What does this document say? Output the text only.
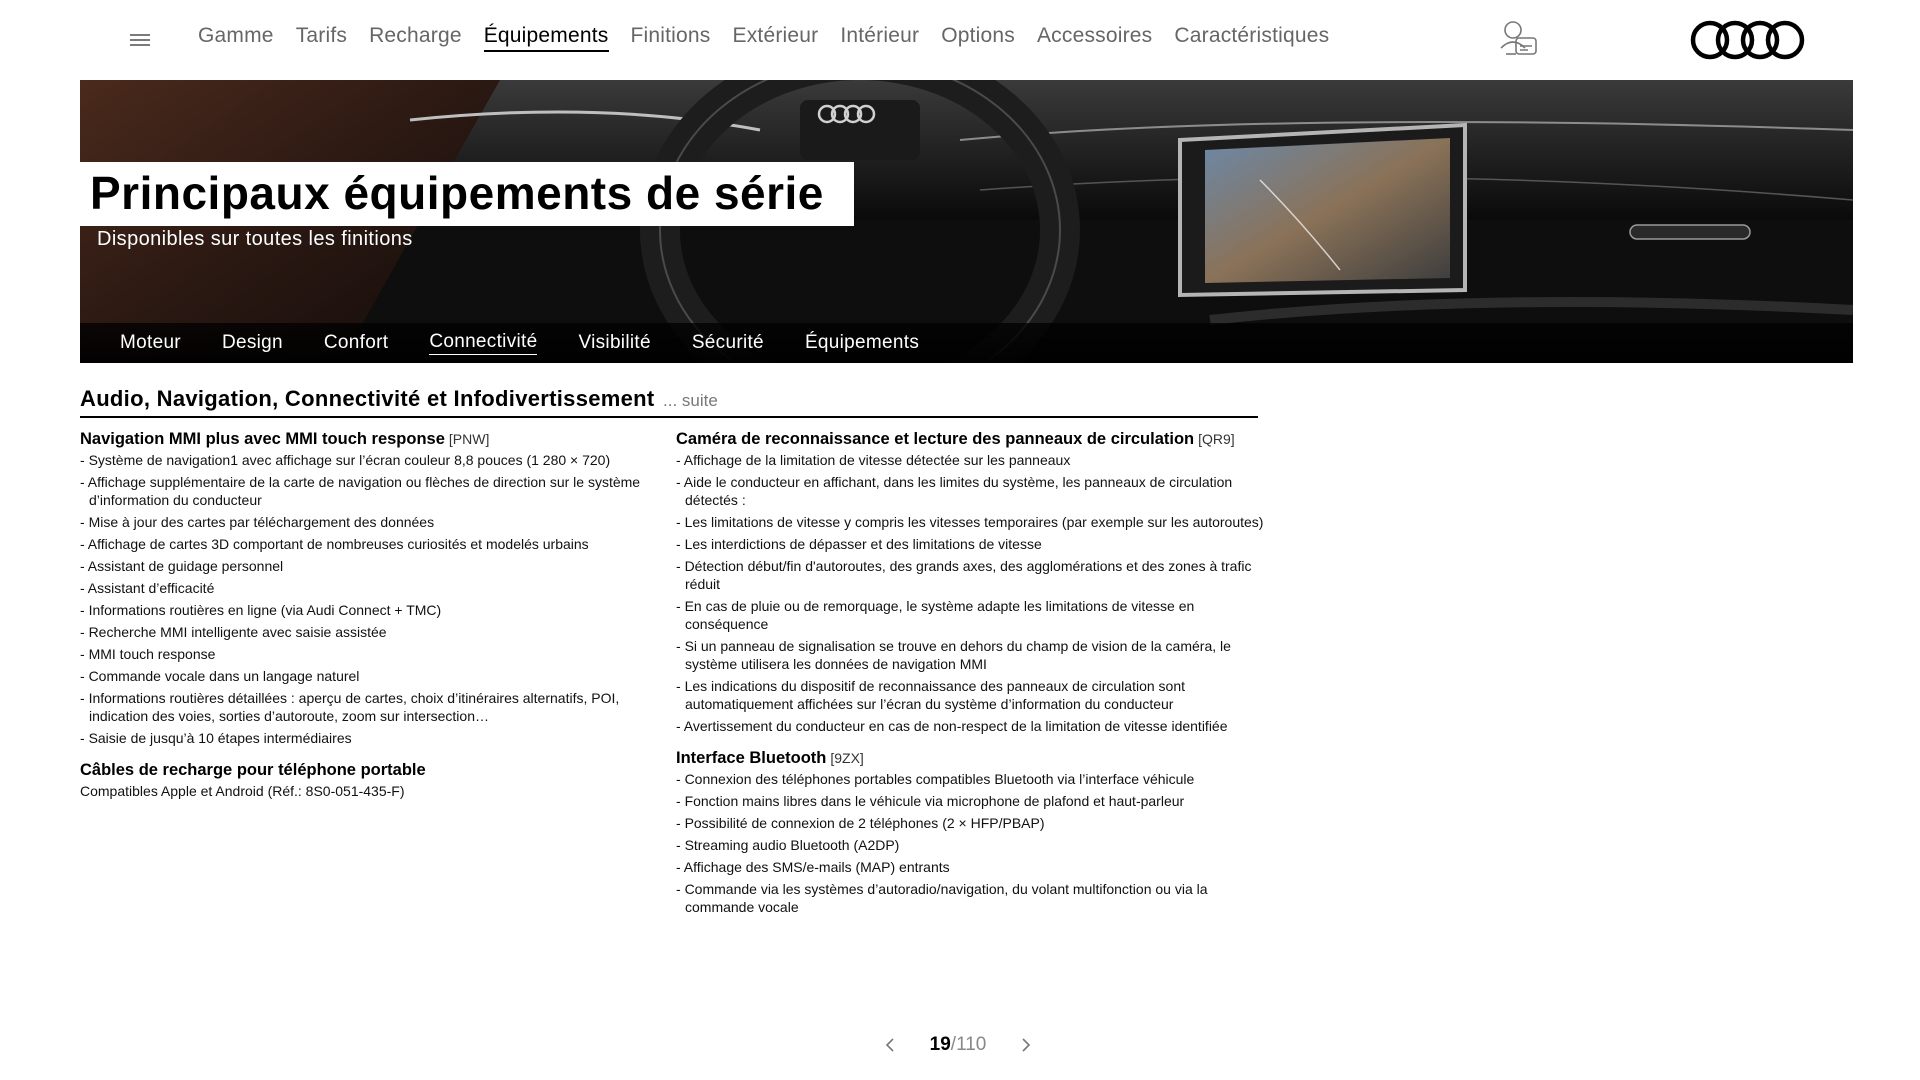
Gamme Tarifs Recharge Équipements Finitions Extérieur Intérieur Options Accessoires Caractéristiques
Principaux équipements de série
Disponibles sur toutes les finitions
Moteur Design Confort Connectivité Visibilité Sécurité Équipements
Audio, Navigation, Connectivité et Infodivertissement ... suite
Navigation MMI plus avec MMI touch response [PNW]
- Système de navigation1 avec affichage sur l’écran couleur 8,8 pouces (1 280 × 720)
- Affichage supplémentaire de la carte de navigation ou flèches de direction sur le système d’information du conducteur
- Mise à jour des cartes par téléchargement des données
- Affichage de cartes 3D comportant de nombreuses curiosités et modelés urbains
- Assistant de guidage personnel
- Assistant d’efficacité
- Informations routières en ligne (via Audi Connect + TMC)
- Recherche MMI intelligente avec saisie assistée
- MMI touch response
- Commande vocale dans un langage naturel
- Informations routières détaillées : aperçu de cartes, choix d’itinéraires alternatifs, POI, indication des voies, sorties d’autoroute, zoom sur intersection…
- Saisie de jusqu’à 10 étapes intermédiaires
Câbles de recharge pour téléphone portable
Compatibles Apple et Android (Réf.: 8S0-051-435-F)
Caméra de reconnaissance et lecture des panneaux de circulation [QR9]
- Affichage de la limitation de vitesse détectée sur les panneaux
- Aide le conducteur en affichant, dans les limites du système, les panneaux de circulation détectés :
- Les limitations de vitesse y compris les vitesses temporaires (par exemple sur les autoroutes)
- Les interdictions de dépasser et des limitations de vitesse
- Détection début/fin d'autoroutes, des grands axes, des agglomérations et des zones à trafic réduit
- En cas de pluie ou de remorquage, le système adapte les limitations de vitesse en conséquence
- Si un panneau de signalisation se trouve en dehors du champ de vision de la caméra, le système utilisera les données de navigation MMI
- Les indications du dispositif de reconnaissance des panneaux de circulation sont automatiquement affichées sur l’écran du système d’information du conducteur
- Avertissement du conducteur en cas de non-respect de la limitation de vitesse identifiée
Interface Bluetooth [9ZX]
- Connexion des téléphones portables compatibles Bluetooth via l’interface véhicule
- Fonction mains libres dans le véhicule via microphone de plafond et haut-parleur
- Possibilité de connexion de 2 téléphones (2 × HFP/PBAP)
- Streaming audio Bluetooth (A2DP)
- Affichage des SMS/e-mails (MAP) entrants
- Commande via les systèmes d’autoradio/navigation, du volant multifonction ou via la commande vocale
19 / 110
